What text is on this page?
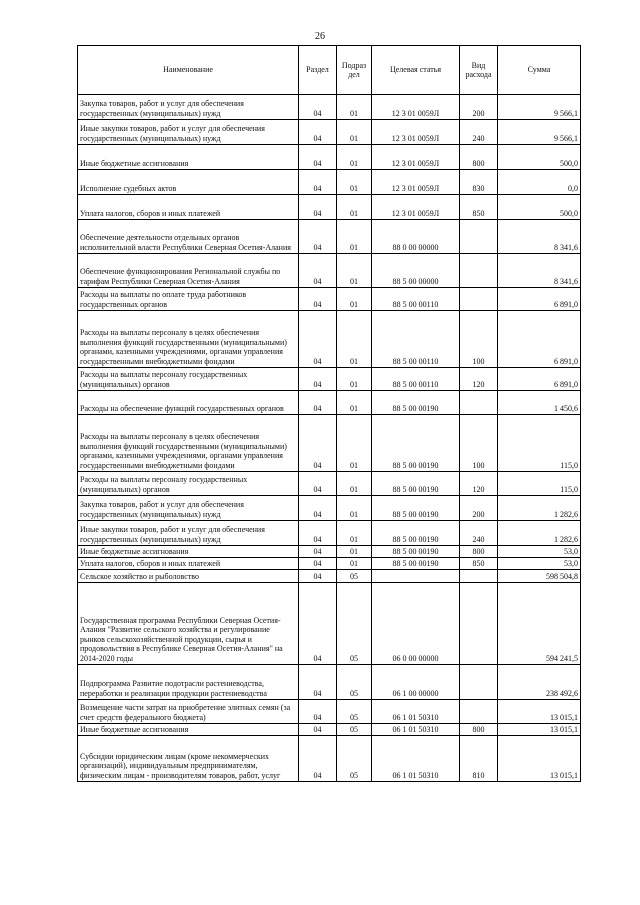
26
Наименование	Раздел	Подраз дел	Целевая статья	Вид расхода	Сумма
Закупка товаров, работ и услуг для обеспечения государственных (муниципальных) нужд	04	01	12 3 01 0059Л	200	9 566,1
Иные закупки товаров, работ и услуг для обеспечения государственных (муниципальных) нужд	04	01	12 3 01 0059Л	240	9 566,1
Иные бюджетные ассигнования	04	01	12 3 01 0059Л	800	500,0
Исполнение судебных актов	04	01	12 3 01 0059Л	830	0,0
Уплата налогов, сборов и иных платежей	04	01	12 3 01 0059Л	850	500,0
Обеспечение деятельности отдельных органов исполнительной власти Республики Северная Осетия-Алания	04	01	88 0 00 00000		8 341,6
Обеспечение функционирования Региональной службы по тарифам Республики Северная Осетия-Алания	04	01	88 5 00 00000		8 341,6
Расходы на выплаты по оплате труда работников государственных органов	04	01	88 5 00 00110		6 891,0
Расходы на выплаты персоналу в целях обеспечения выполнения функций государственными (муниципальными) органами, казенными учреждениями, органами управления государственными внебюджетными фондами	04	01	88 5 00 00110	100	6 891,0
Расходы на выплаты персоналу государственных (муниципальных) органов	04	01	88 5 00 00110	120	6 891,0
Расходы на обеспечение функций государственных органов	04	01	88 5 00 00190		1 450,6
Расходы на выплаты персоналу в целях обеспечения выполнения функций государственными (муниципальными) органами, казенными учреждениями, органами управления государственными внебюджетными фондами	04	01	88 5 00 00190	100	115,0
Расходы на выплаты персоналу государственных (муниципальных) органов	04	01	88 5 00 00190	120	115,0
Закупка товаров, работ и услуг для обеспечения государственных (муниципальных) нужд	04	01	88 5 00 00190	200	1 282,6
Иные закупки товаров, работ и услуг для обеспечения государственных (муниципальных) нужд	04	01	88 5 00 00190	240	1 282,6
Иные бюджетные ассигнования	04	01	88 5 00 00190	800	53,0
Уплата налогов, сборов и иных платежей	04	01	88 5 00 00190	850	53,0
Сельское хозяйство и рыболовство	04	05			598 504,8
Государственная программа Республики Северная Осетия-Алания "Развитие сельского хозяйства и регулирование рынков сельскохозяйственной продукции, сырья и продовольствия в Республике Северная Осетия-Алания" на 2014-2020 годы	04	05	06 0 00 00000		594 241,5
Подпрограмма Развитие подотрасли растениеводства, переработки и реализации продукции растениеводства	04	05	06 1 00 00000		238 492,6
Возмещение части затрат на приобретение элитных семян (за счет средств федерального бюджета)	04	05	06 1 01 50310		13 015,1
Иные бюджетные ассигнования	04	05	06 1 01 50310	800	13 015,1
Субсидии юридическим лицам (кроме некоммерческих организаций), индивидуальным предпринимателям, физическим лицам - производителям товаров, работ, услуг	04	05	06 1 01 50310	810	13 015,1
